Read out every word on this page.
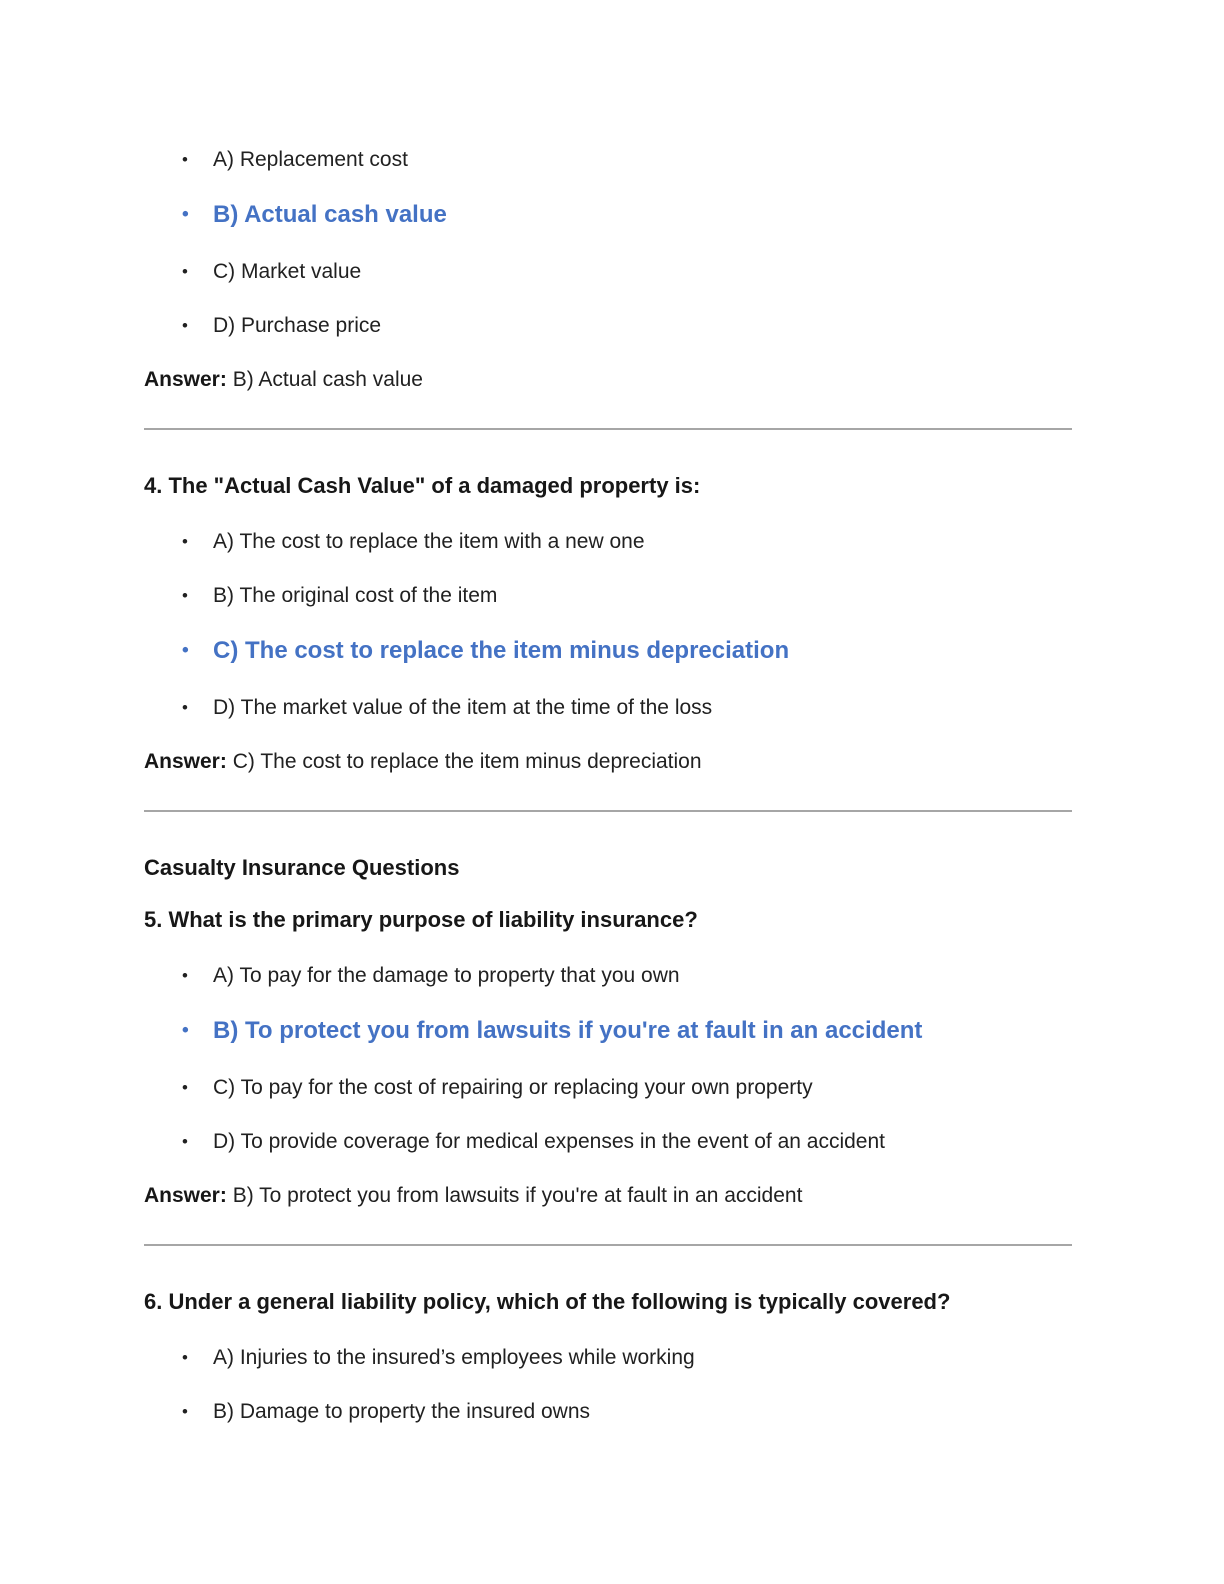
• A) Replacement cost
• B) Actual cash value
• C) Market value
• D) Purchase price

Answer: B) Actual cash value

4. The "Actual Cash Value" of a damaged property is:
• A) The cost to replace the item with a new one
• B) The original cost of the item
• C) The cost to replace the item minus depreciation
• D) The market value of the item at the time of the loss

Answer: C) The cost to replace the item minus depreciation

Casualty Insurance Questions
5. What is the primary purpose of liability insurance?
• A) To pay for the damage to property that you own
• B) To protect you from lawsuits if you're at fault in an accident
• C) To pay for the cost of repairing or replacing your own property
• D) To provide coverage for medical expenses in the event of an accident

Answer: B) To protect you from lawsuits if you're at fault in an accident

6. Under a general liability policy, which of the following is typically covered?
• A) Injuries to the insured’s employees while working
• B) Damage to property the insured owns
